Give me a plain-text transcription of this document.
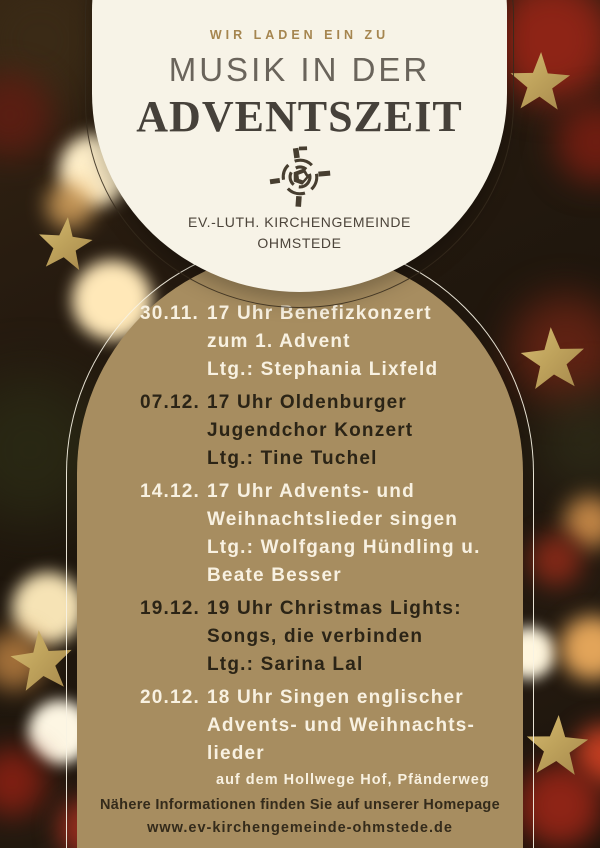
30.11. 17 Uhr Benefizkonzert
zum 1. Advent
Ltg.: Stephania Lixfeld
07.12. 17 Uhr Oldenburger
Jugendchor Konzert
Ltg.: Tine Tuchel
14.12. 17 Uhr Advents- und
Weihnachtslieder singen
Ltg.: Wolfgang Hündling u.
Beate Besser
19.12. 19 Uhr Christmas Lights:
Songs, die verbinden
Ltg.: Sarina Lal
20.12. 18 Uhr Singen englischer
Advents- und Weihnachts-
lieder
auf dem Hollwege Hof, Pfänderweg
Nähere Informationen finden Sie auf unserer Homepage
www.ev-kirchengemeinde-ohmstede.de
WIR LADEN EIN ZU
MUSIK IN DER
ADVENTSZEIT
EV.-LUTH. KIRCHENGEMEINDE
OHMSTEDE
